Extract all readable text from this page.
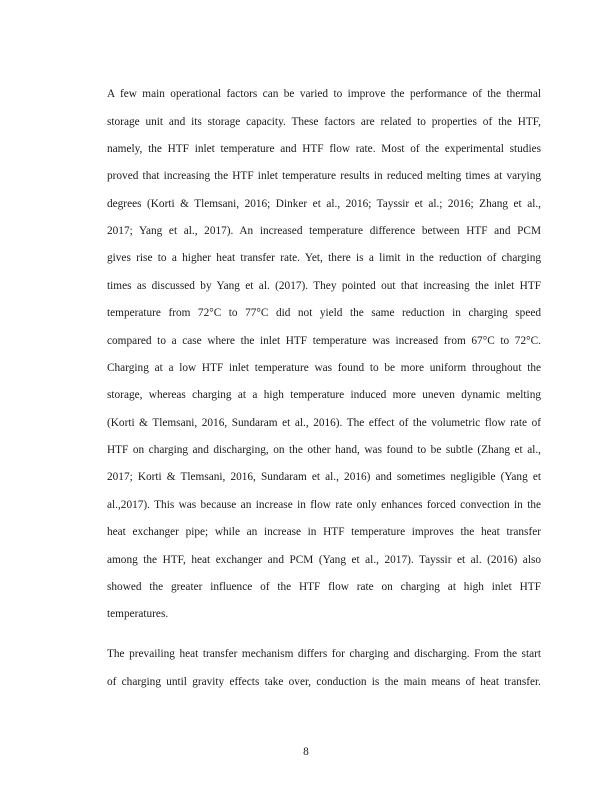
A few main operational factors can be varied to improve the performance of the thermal
storage unit and its storage capacity. These factors are related to properties of the HTF,
namely, the HTF inlet temperature and HTF flow rate. Most of the experimental studies
proved that increasing the HTF inlet temperature results in reduced melting times at varying
degrees (Korti & Tlemsani, 2016; Dinker et al., 2016; Tayssir et al.; 2016; Zhang et al.,
2017; Yang et al., 2017). An increased temperature difference between HTF and PCM
gives rise to a higher heat transfer rate. Yet, there is a limit in the reduction of charging
times as discussed by Yang et al. (2017). They pointed out that increasing the inlet HTF
temperature from 72°C to 77°C did not yield the same reduction in charging speed
compared to a case where the inlet HTF temperature was increased from 67°C to 72°C.
Charging at a low HTF inlet temperature was found to be more uniform throughout the
storage, whereas charging at a high temperature induced more uneven dynamic melting
(Korti & Tlemsani, 2016, Sundaram et al., 2016). The effect of the volumetric flow rate of
HTF on charging and discharging, on the other hand, was found to be subtle (Zhang et al.,
2017; Korti & Tlemsani, 2016, Sundaram et al., 2016) and sometimes negligible (Yang et
al.,2017). This was because an increase in flow rate only enhances forced convection in the
heat exchanger pipe; while an increase in HTF temperature improves the heat transfer
among the HTF, heat exchanger and PCM (Yang et al., 2017). Tayssir et al. (2016) also
showed the greater influence of the HTF flow rate on charging at high inlet HTF
temperatures.
The prevailing heat transfer mechanism differs for charging and discharging. From the start
of charging until gravity effects take over, conduction is the main means of heat transfer.
8
